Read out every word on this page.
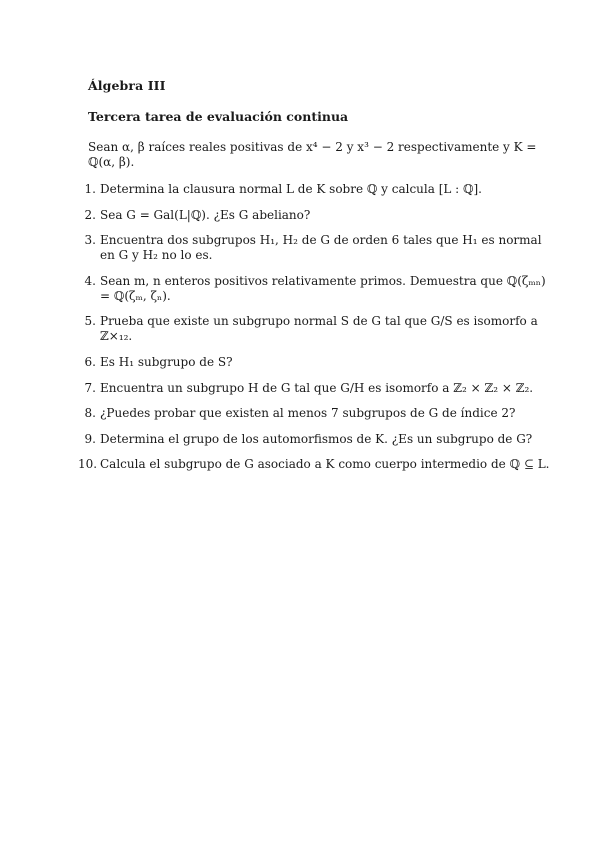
Álgebra III
Tercera tarea de evaluación continua
Sean α, β raíces reales positivas de x⁴ − 2 y x³ − 2 respectivamente y K = ℚ(α, β).
1. Determina la clausura normal L de K sobre ℚ y calcula [L : ℚ].
2. Sea G = Gal(L|ℚ). ¿Es G abeliano?
3. Encuentra dos subgrupos H₁, H₂ de G de orden 6 tales que H₁ es normal en G y H₂ no lo es.
4. Sean m, n enteros positivos relativamente primos. Demuestra que ℚ(ζₘₙ) = ℚ(ζₘ, ζₙ).
5. Prueba que existe un subgrupo normal S de G tal que G/S es isomorfo a ℤ×₁₂.
6. Es H₁ subgrupo de S?
7. Encuentra un subgrupo H de G tal que G/H es isomorfo a ℤ₂ × ℤ₂ × ℤ₂.
8. ¿Puedes probar que existen al menos 7 subgrupos de G de índice 2?
9. Determina el grupo de los automorfismos de K. ¿Es un subgrupo de G?
10. Calcula el subgrupo de G asociado a K como cuerpo intermedio de ℚ ⊆ L.
